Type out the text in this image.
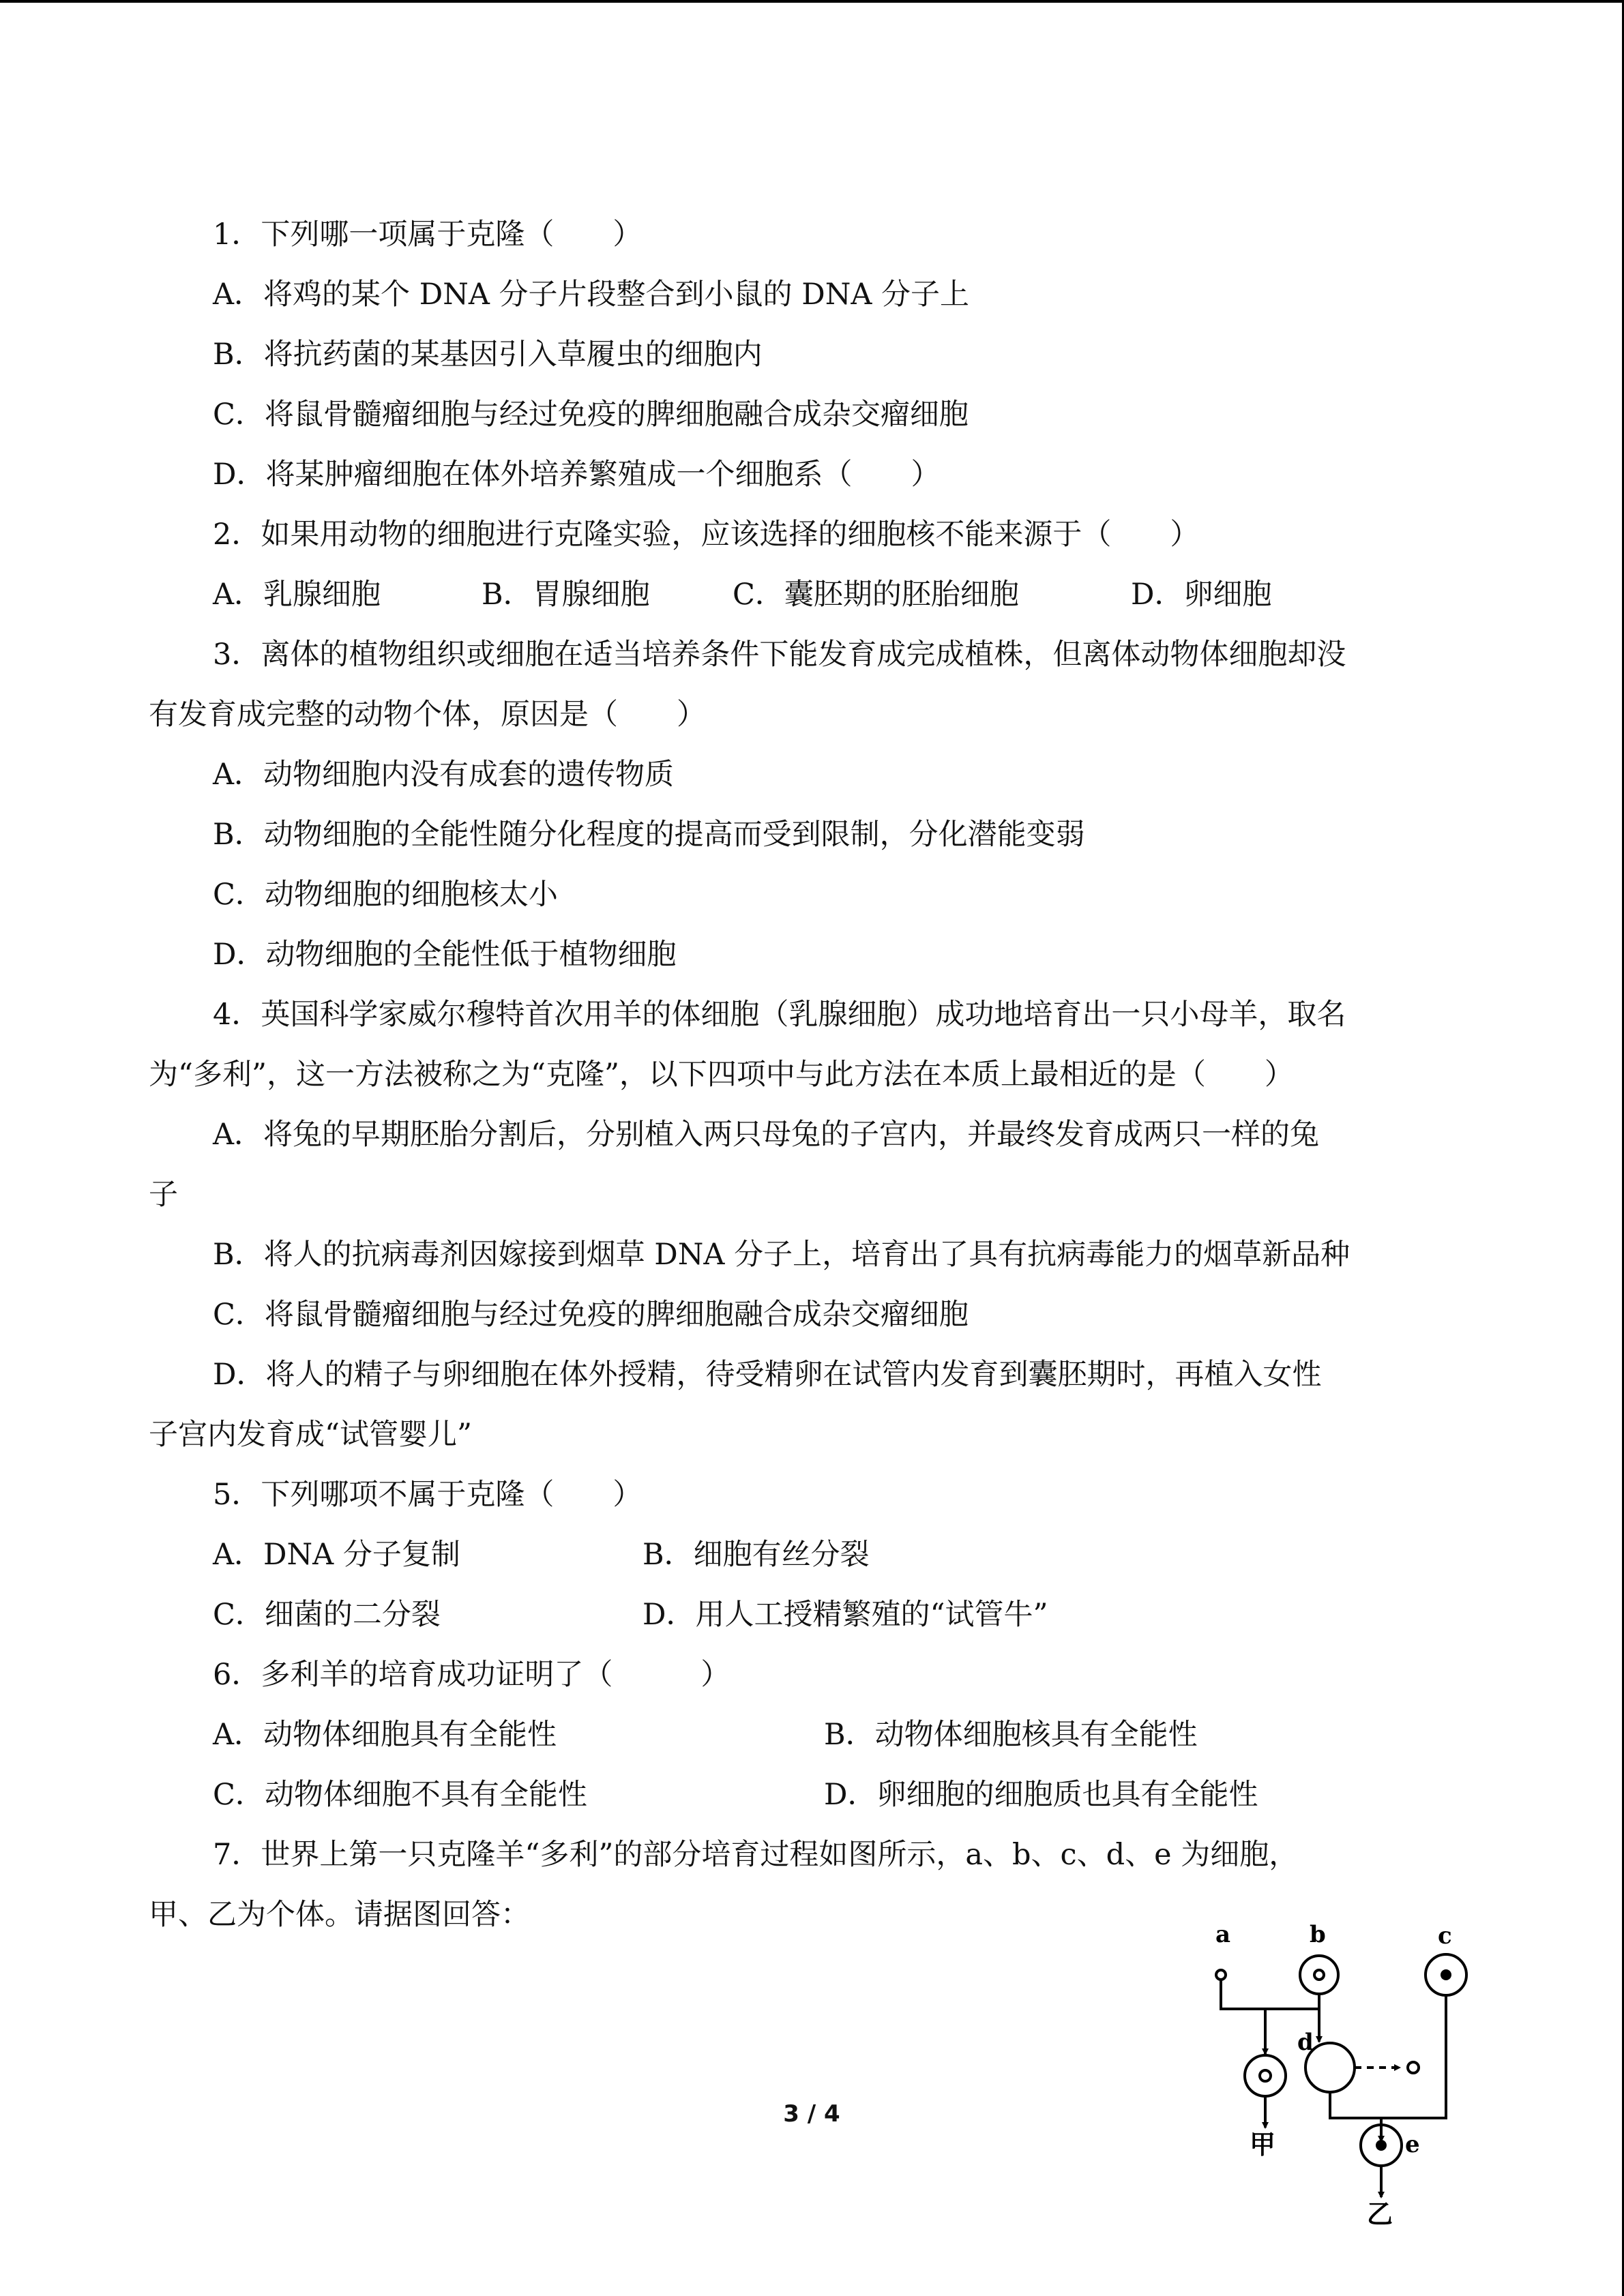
1．下列哪一项属于克隆（　　）
A．将鸡的某个 DNA 分子片段整合到小鼠的 DNA 分子上
B．将抗药菌的某基因引入草履虫的细胞内
C．将鼠骨髓瘤细胞与经过免疫的脾细胞融合成杂交瘤细胞
D．将某肿瘤细胞在体外培养繁殖成一个细胞系（　　）
2．如果用动物的细胞进行克隆实验，应该选择的细胞核不能来源于（　　）
A．乳腺细胞	B．胃腺细胞	C．囊胚期的胚胎细胞	D．卵细胞
3．离体的植物组织或细胞在适当培养条件下能发育成完成植株，但离体动物体细胞却没
有发育成完整的动物个体，原因是（　　）
A．动物细胞内没有成套的遗传物质
B．动物细胞的全能性随分化程度的提高而受到限制，分化潜能变弱
C．动物细胞的细胞核太小
D．动物细胞的全能性低于植物细胞
4．英国科学家威尔穆特首次用羊的体细胞（乳腺细胞）成功地培育出一只小母羊，取名
为“多利”，这一方法被称之为“克隆”，以下四项中与此方法在本质上最相近的是（　　）
A．将兔的早期胚胎分割后，分别植入两只母兔的子宫内，并最终发育成两只一样的兔
子
B．将人的抗病毒剂因嫁接到烟草 DNA 分子上，培育出了具有抗病毒能力的烟草新品种
C．将鼠骨髓瘤细胞与经过免疫的脾细胞融合成杂交瘤细胞
D．将人的精子与卵细胞在体外授精，待受精卵在试管内发育到囊胚期时，再植入女性
子宫内发育成“试管婴儿”
5．下列哪项不属于克隆（　　）
A．DNA 分子复制	B．细胞有丝分裂
C．细菌的二分裂	D．用人工授精繁殖的“试管牛”
6．多利羊的培育成功证明了（　　　）
A．动物体细胞具有全能性	B．动物体细胞核具有全能性
C．动物体细胞不具有全能性	D．卵细胞的细胞质也具有全能性
7．世界上第一只克隆羊“多利”的部分培育过程如图所示，a、b、c、d、e 为细胞，
甲、乙为个体。请据图回答：
a	b	c
d
e
甲
乙
3 / 4
